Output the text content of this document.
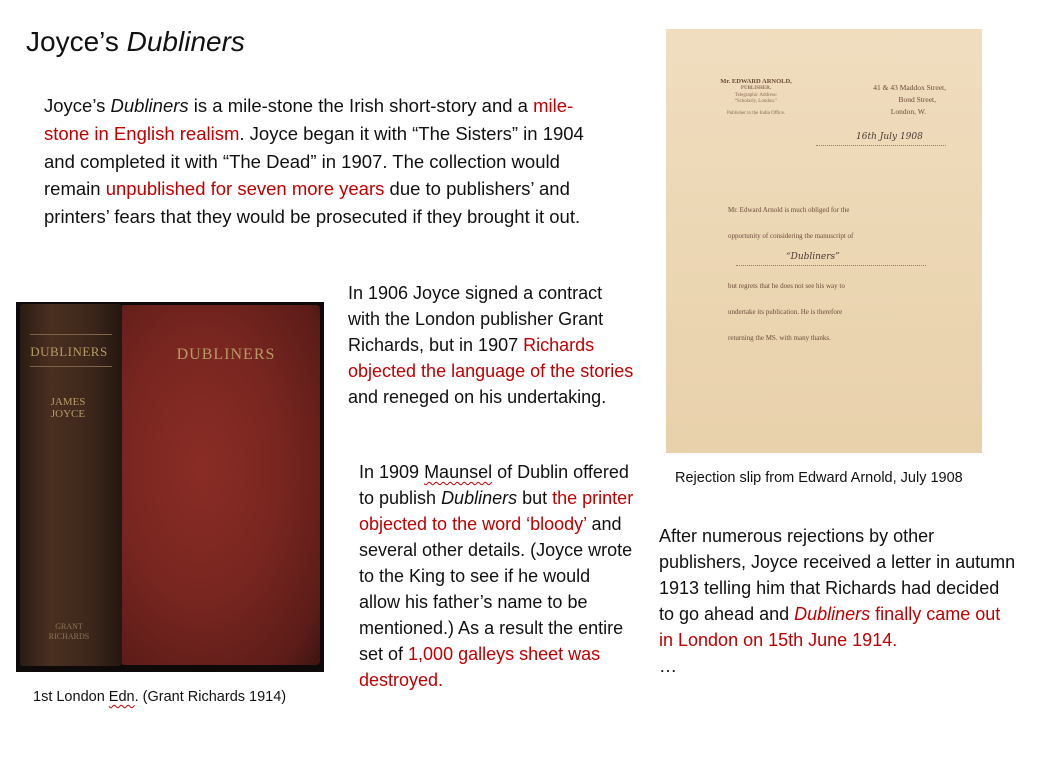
Joyce’s Dubliners
Joyce’s Dubliners is a mile-stone the Irish short-story and a mile-stone in English realism. Joyce began it with “The Sisters” in 1904 and completed it with “The Dead” in 1907. The collection would remain unpublished for seven more years due to publishers’ and printers’ fears that they would be prosecuted if they brought it out.
In 1906 Joyce signed a contract with the London publisher Grant Richards, but in 1907 Richards objected the language of the stories and reneged on his undertaking.
In 1909 Maunsel of Dublin offered to publish Dubliners but the printer objected to the word ‘bloody’ and several other details. (Joyce wrote to the King to see if he would allow his father’s name to be mentioned.) As a result the entire set of 1,000 galleys sheet was destroyed.
After numerous rejections by other publishers, Joyce received a letter in autumn 1913 telling him that Richards had decided to go ahead and Dubliners finally came out in London on 15th June 1914.
…
DUBLINERS
JAMES
JOYCE
GRANT
RICHARDS
DUBLINERS
1st London Edn. (Grant Richards 1914)
Mr. EDWARD ARNOLD,
PUBLISHER.
Telegraphic Address:
“Scholarly, London.”
Publisher to the India Office.
41 & 43 Maddox Street,
Bond Street,
London, W.
16th July 1908
Mr. Edward Arnold is much obliged for the
opportunity of considering the manuscript of
“Dubliners”
but regrets that he does not see his way to
undertake its publication. He is therefore
returning the MS. with many thanks.
Rejection slip from Edward Arnold, July 1908
